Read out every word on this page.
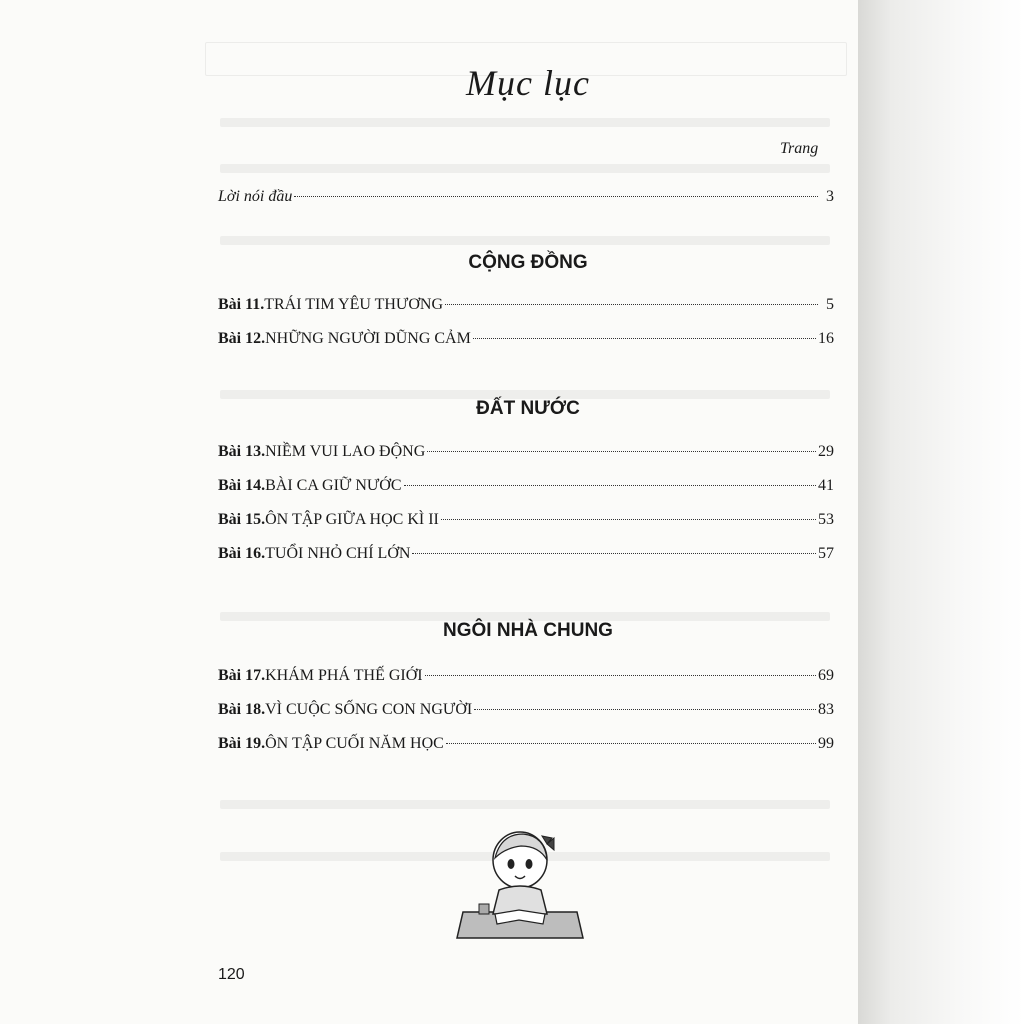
Mục lục
Trang
Lời nói đầu	3
CỘNG ĐỒNG
Bài 11. TRÁI TIM YÊU THƯƠNG	5
Bài 12. NHỮNG NGƯỜI DŨNG CẢM	16
ĐẤT NƯỚC
Bài 13. NIỀM VUI LAO ĐỘNG	29
Bài 14. BÀI CA GIỮ NƯỚC	41
Bài 15. ÔN TẬP GIỮA HỌC KÌ II	53
Bài 16. TUỔI NHỎ CHÍ LỚN	57
NGÔI NHÀ CHUNG
Bài 17. KHÁM PHÁ THẾ GIỚI	69
Bài 18. VÌ CUỘC SỐNG CON NGƯỜI	83
Bài 19. ÔN TẬP CUỐI NĂM HỌC	99
120
